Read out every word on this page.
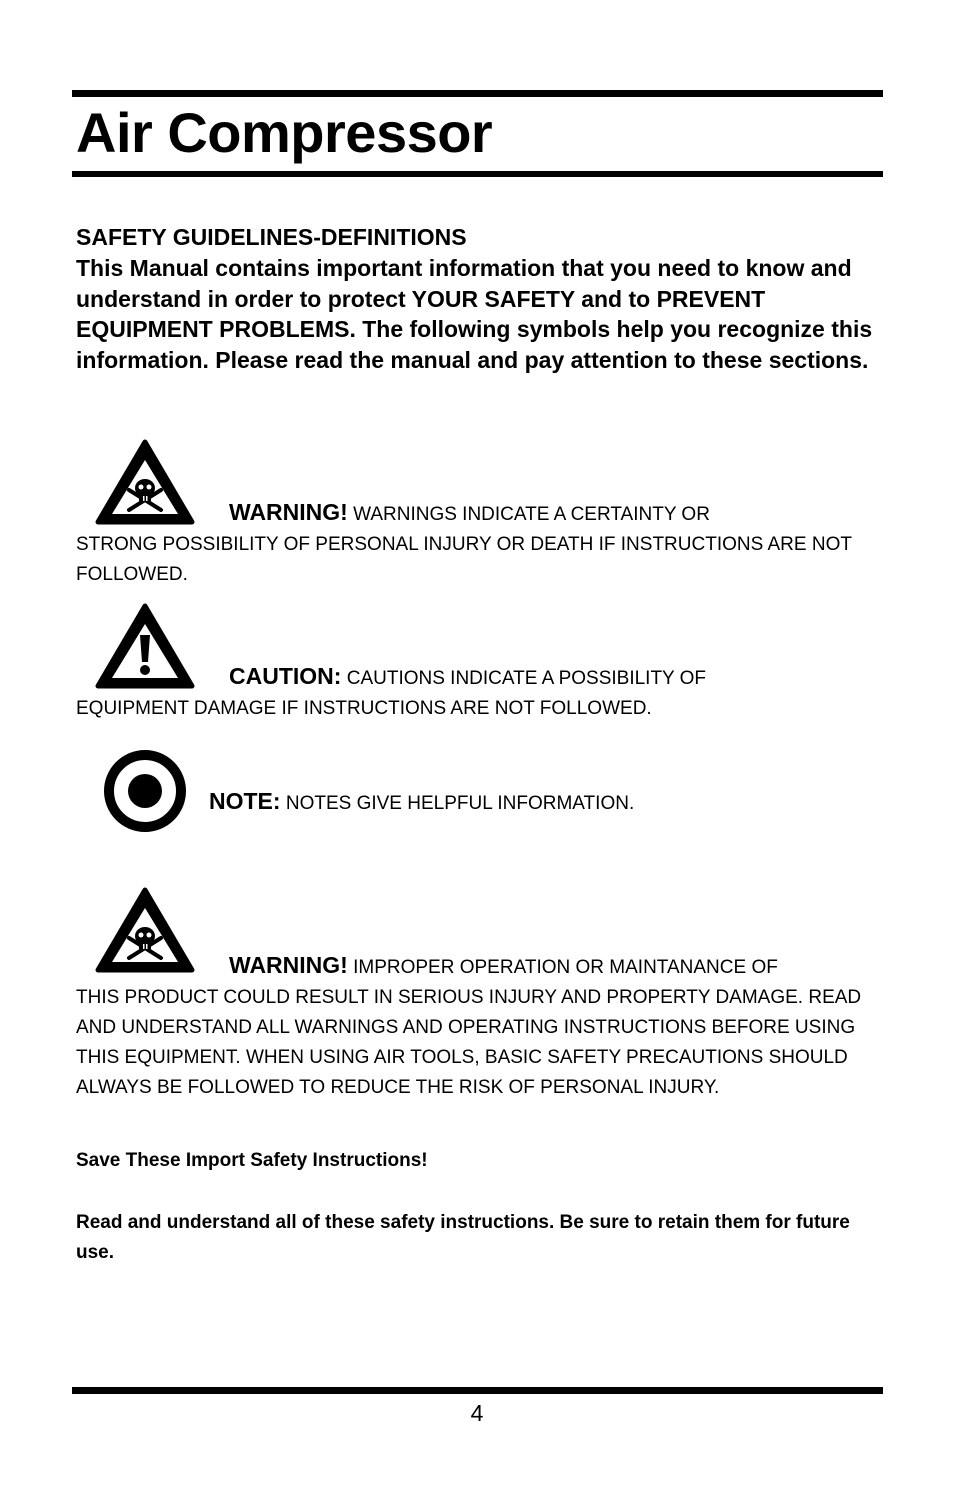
Air Compressor
SAFETY GUIDELINES-DEFINITIONS
This Manual contains important information that you need to know and understand in order to protect YOUR SAFETY and to PREVENT EQUIPMENT PROBLEMS. The following symbols help you recognize this information. Please read the manual and pay attention to these sections.
WARNING! WARNINGS INDICATE A CERTAINTY OR
STRONG POSSIBILITY OF PERSONAL INJURY OR DEATH IF INSTRUCTIONS ARE NOT FOLLOWED.
CAUTION: CAUTIONS INDICATE A POSSIBILITY OF
EQUIPMENT DAMAGE IF INSTRUCTIONS ARE NOT FOLLOWED.
NOTE: NOTES GIVE HELPFUL INFORMATION.
WARNING! IMPROPER OPERATION OR MAINTANANCE OF
THIS PRODUCT COULD RESULT IN SERIOUS INJURY AND PROPERTY DAMAGE. READ AND UNDERSTAND ALL WARNINGS AND OPERATING INSTRUCTIONS BEFORE USING THIS EQUIPMENT. WHEN USING AIR TOOLS, BASIC SAFETY PRECAUTIONS SHOULD ALWAYS BE FOLLOWED TO REDUCE THE RISK OF PERSONAL INJURY.
Save These Import Safety Instructions!
Read and understand all of these safety instructions. Be sure to retain them for future use.
4
